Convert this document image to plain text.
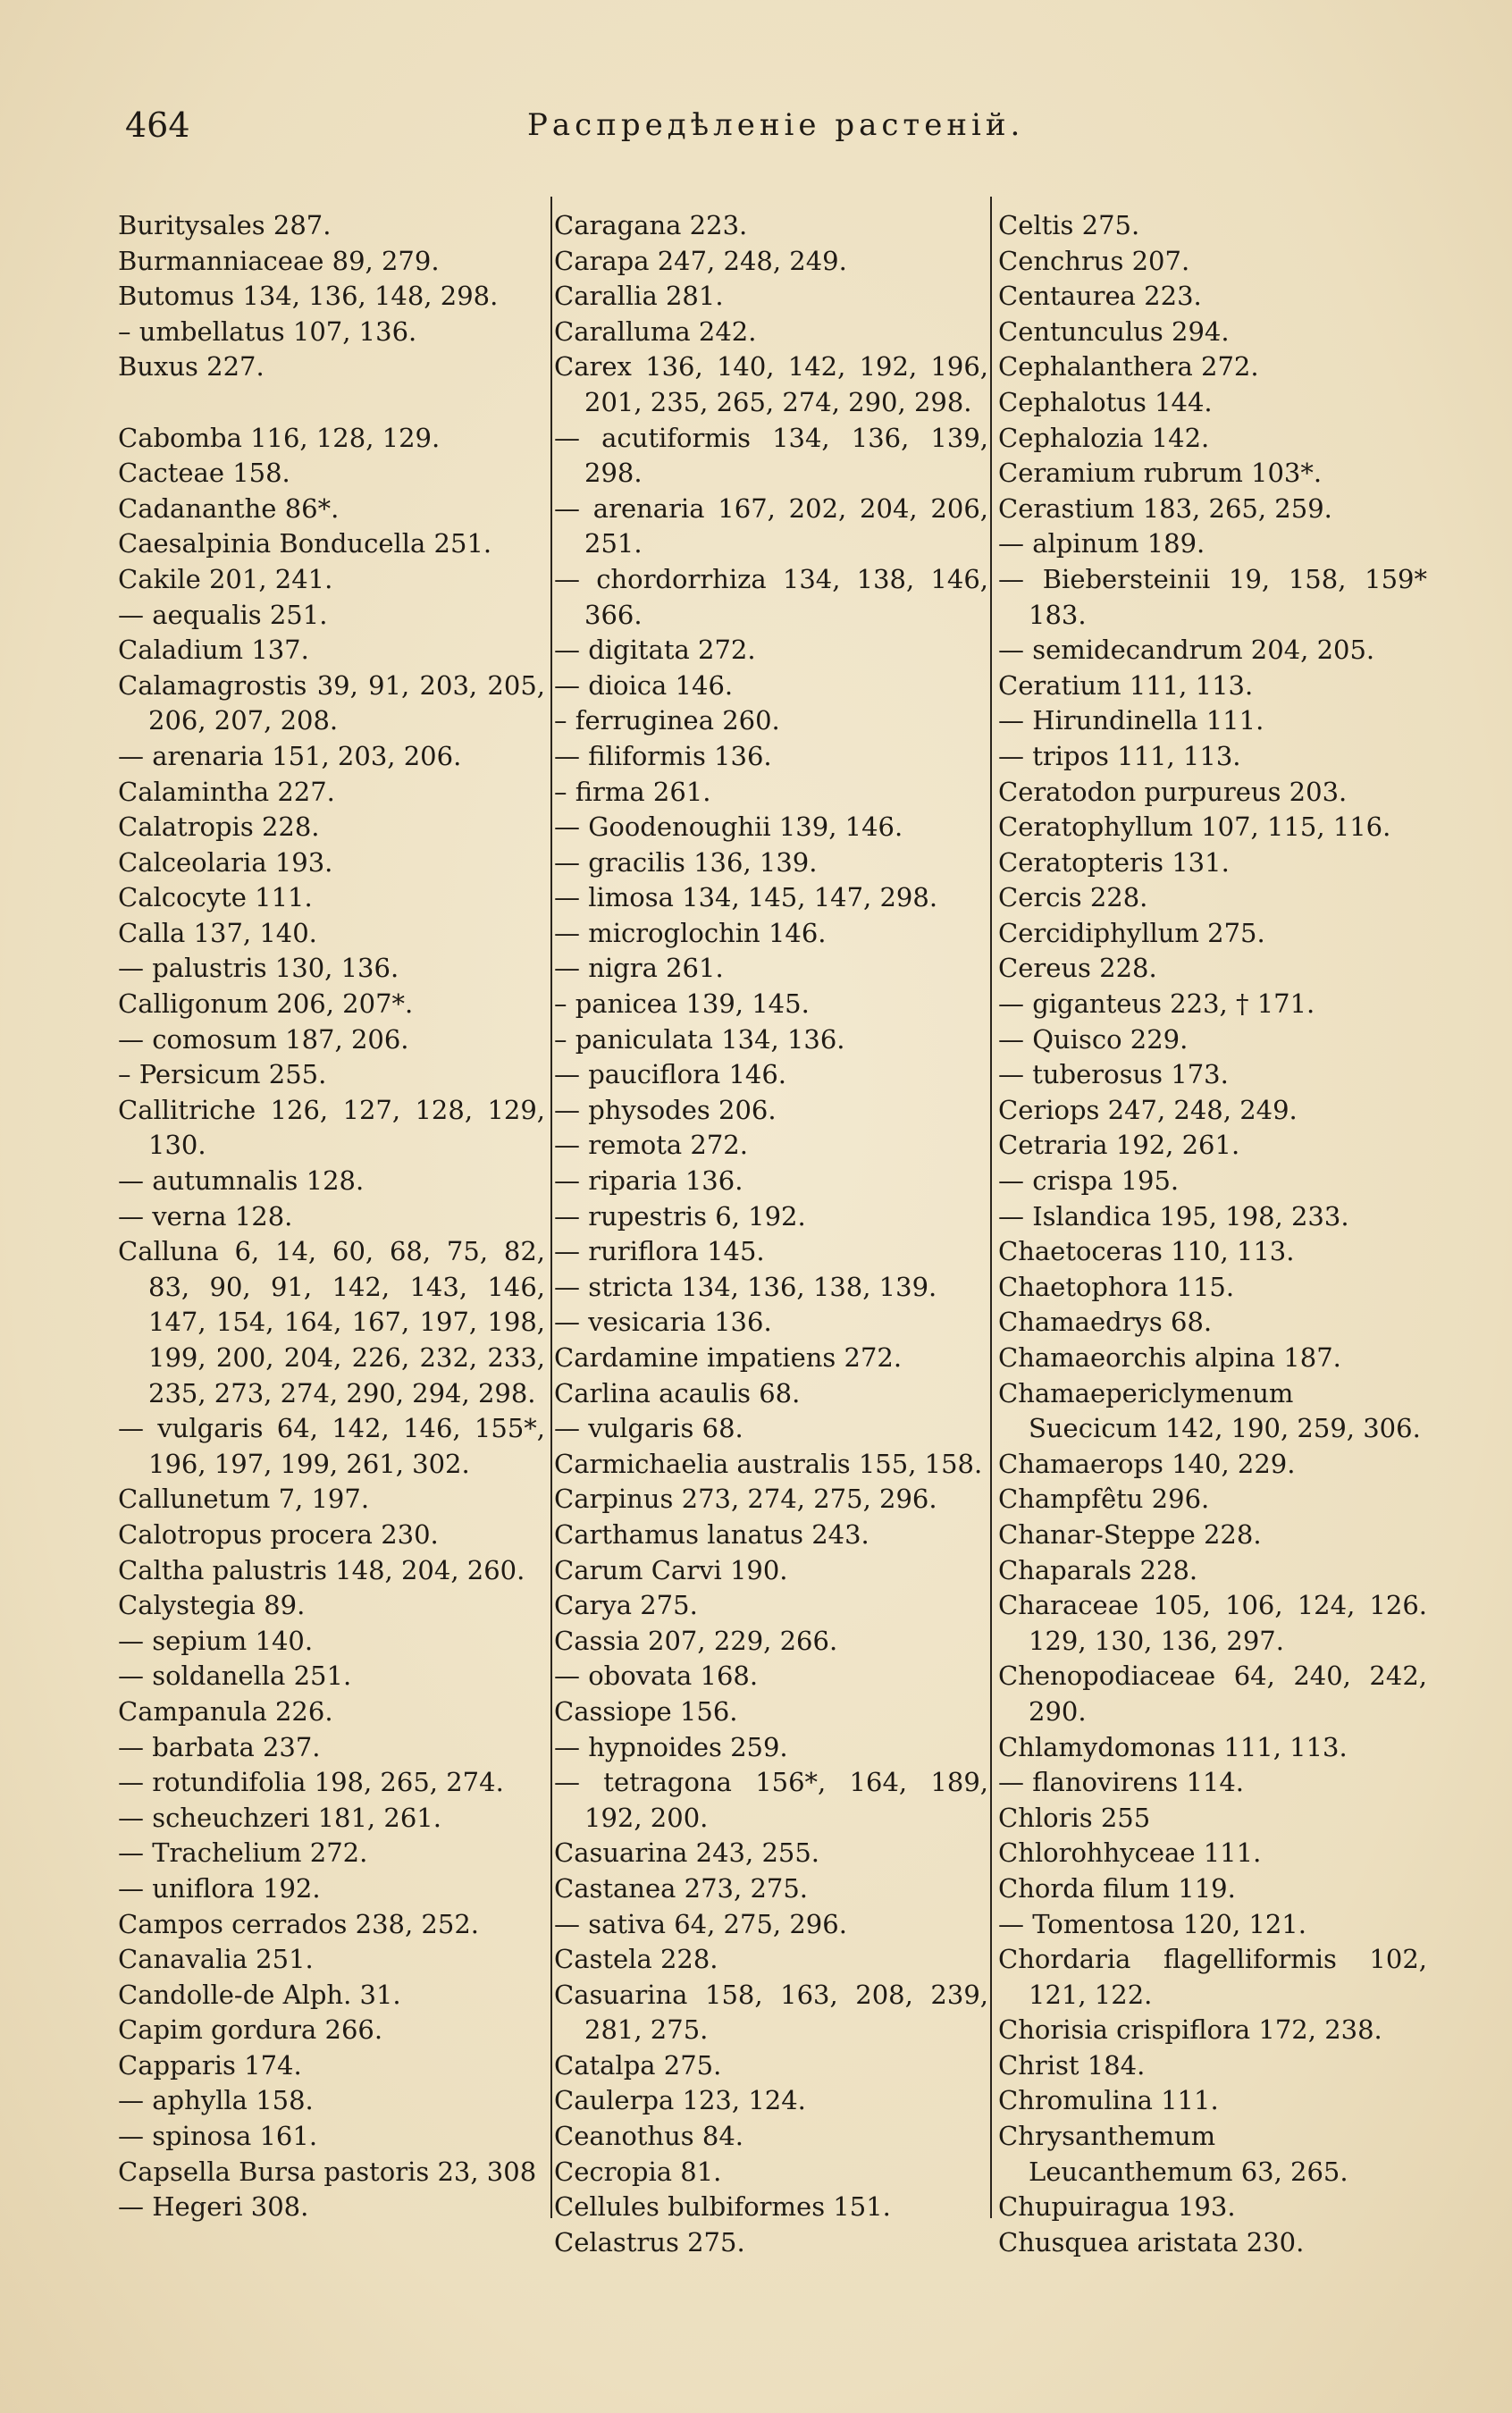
464	Распредѣленіе растеній.
Buritysales 287.
Burmanniaceae 89, 279.
Butomus 134, 136, 148, 298.
– umbellatus 107, 136.
Buxus 227.
Cabomba 116, 128, 129.
Cacteae 158.
Cadananthe 86*.
Caesalpinia Bonducella 251.
Cakile 201, 241.
— aequalis 251.
Caladium 137.
Calamagrostis 39, 91, 203, 205, 206, 207, 208.
— arenaria 151, 203, 206.
Calamintha 227.
Calatropis 228.
Calceolaria 193.
Calcocyte 111.
Calla 137, 140.
— palustris 130, 136.
Calligonum 206, 207*.
— comosum 187, 206.
– Persicum 255.
Callitriche 126, 127, 128, 129, 130.
— autumnalis 128.
— verna 128.
Calluna 6, 14, 60, 68, 75, 82, 83, 90, 91, 142, 143, 146, 147, 154, 164, 167, 197, 198, 199, 200, 204, 226, 232, 233, 235, 273, 274, 290, 294, 298.
— vulgaris 64, 142, 146, 155*, 196, 197, 199, 261, 302.
Callunetum 7, 197.
Calotropus procera 230.
Caltha palustris 148, 204, 260.
Calystegia 89.
— sepium 140.
— soldanella 251.
Campanula 226.
— barbata 237.
— rotundifolia 198, 265, 274.
— scheuchzeri 181, 261.
— Trachelium 272.
— uniflora 192.
Campos cerrados 238, 252.
Canavalia 251.
Candolle-de Alph. 31.
Capim gordura 266.
Capparis 174.
— aphylla 158.
— spinosa 161.
Capsella Bursa pastoris 23, 308
— Hegeri 308.
Caragana 223.
Carapa 247, 248, 249.
Carallia 281.
Caralluma 242.
Carex 136, 140, 142, 192, 196, 201, 235, 265, 274, 290, 298.
— acutiformis 134, 136, 139, 298.
— arenaria 167, 202, 204, 206, 251.
— chordorrhiza 134, 138, 146, 366.
— digitata 272.
— dioica 146.
– ferruginea 260.
— filiformis 136.
– firma 261.
— Goodenoughii 139, 146.
— gracilis 136, 139.
— limosa 134, 145, 147, 298.
— microglochin 146.
— nigra 261.
– panicea 139, 145.
– paniculata 134, 136.
— pauciflora 146.
— physodes 206.
— remota 272.
— riparia 136.
— rupestris 6, 192.
— ruriflora 145.
— stricta 134, 136, 138, 139.
— vesicaria 136.
Cardamine impatiens 272.
Carlina acaulis 68.
— vulgaris 68.
Carmichaelia australis 155, 158.
Carpinus 273, 274, 275, 296.
Carthamus lanatus 243.
Carum Carvi 190.
Carya 275.
Cassia 207, 229, 266.
— obovata 168.
Cassiope 156.
— hypnoides 259.
— tetragona 156*, 164, 189, 192, 200.
Casuarina 243, 255.
Castanea 273, 275.
— sativa 64, 275, 296.
Castela 228.
Casuarina 158, 163, 208, 239, 281, 275.
Catalpa 275.
Caulerpa 123, 124.
Ceanothus 84.
Cecropia 81.
Cellules bulbiformes 151.
Celastrus 275.
Celtis 275.
Cenchrus 207.
Centaurea 223.
Centunculus 294.
Cephalanthera 272.
Cephalotus 144.
Cephalozia 142.
Ceramium rubrum 103*.
Cerastium 183, 265, 259.
— alpinum 189.
— Biebersteinii 19, 158, 159* 183.
— semidecandrum 204, 205.
Ceratium 111, 113.
— Hirundinella 111.
— tripos 111, 113.
Ceratodon purpureus 203.
Ceratophyllum 107, 115, 116.
Ceratopteris 131.
Cercis 228.
Cercidiphyllum 275.
Cereus 228.
— giganteus 223, † 171.
— Quisco 229.
— tuberosus 173.
Ceriops 247, 248, 249.
Cetraria 192, 261.
— crispa 195.
— Islandica 195, 198, 233.
Chaetoceras 110, 113.
Chaetophora 115.
Chamaedrys 68.
Chamaeorchis alpina 187.
Chamaepericlymenum Suecicum 142, 190, 259, 306.
Chamaerops 140, 229.
Champfêtu 296.
Chanar-Steppe 228.
Chaparals 228.
Characeae 105, 106, 124, 126. 129, 130, 136, 297.
Chenopodiaceae 64, 240, 242, 290.
Chlamydomonas 111, 113.
— flanovirens 114.
Chloris 255
Chlorohhyceae 111.
Chorda filum 119.
— Tomentosa 120, 121.
Chordaria flagelliformis 102, 121, 122.
Chorisia crispiflora 172, 238.
Christ 184.
Chromulina 111.
Chrysanthemum Leucanthemum 63, 265.
Chupuiragua 193.
Chusquea aristata 230.
